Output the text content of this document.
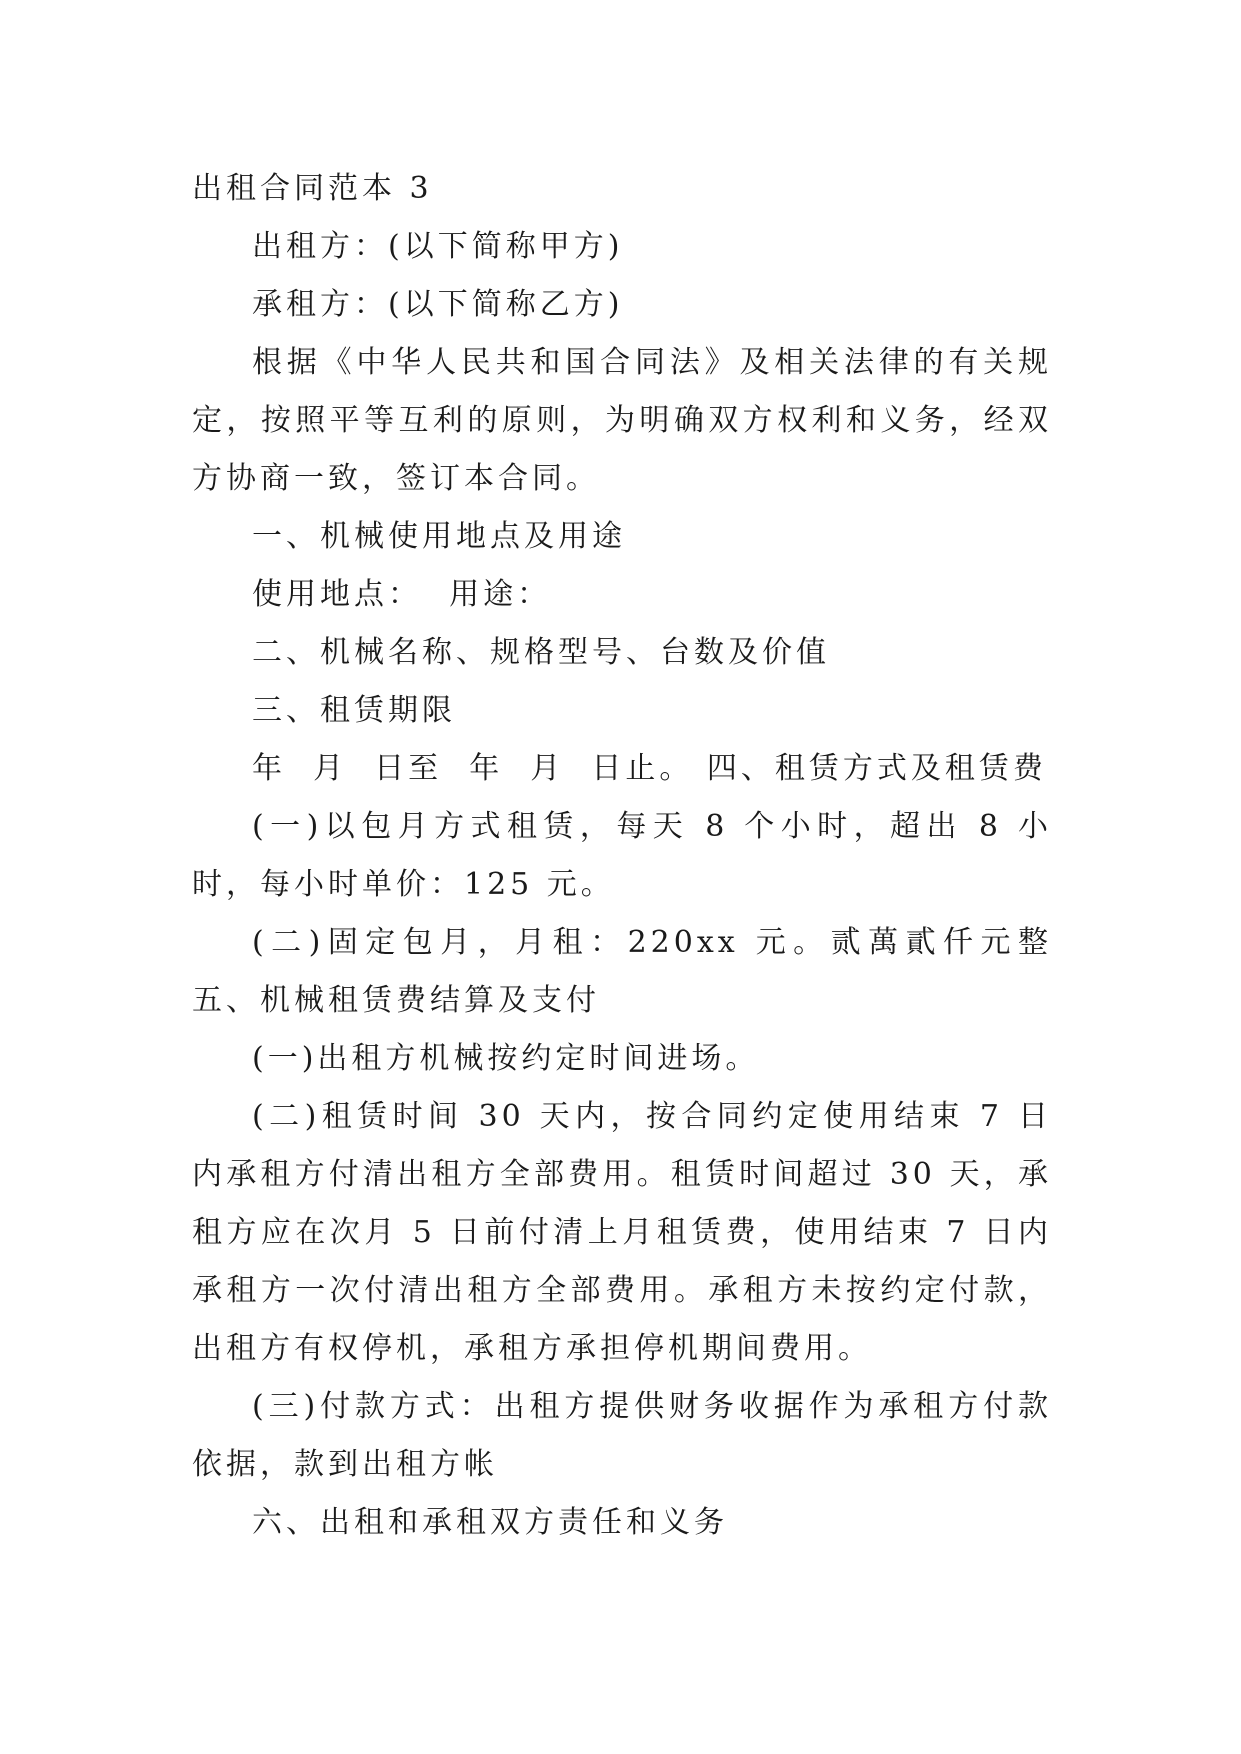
出租合同范本 3

出租方：(以下简称甲方)

承租方：(以下简称乙方)

根据《中华人民共和国合同法》及相关法律的有关规定，按照平等互利的原则，为明确双方权利和义务，经双方协商一致，签订本合同。

一、机械使用地点及用途

使用地点：  用途：

二、机械名称、规格型号、台数及价值

三、租赁期限

年  月  日至  年  月  日止。 四、租赁方式及租赁费

(一)以包月方式租赁，每天 8 个小时，超出 8 小时，每小时单价：125 元。

(二)固定包月，月租：220xx 元。贰萬貳仟元整  五、机械租赁费结算及支付

(一)出租方机械按约定时间进场。

(二)租赁时间 30 天内，按合同约定使用结束 7 日内承租方付清出租方全部费用。租赁时间超过 30 天，承租方应在次月 5 日前付清上月租赁费，使用结束 7 日内承租方一次付清出租方全部费用。承租方未按约定付款，出租方有权停机，承租方承担停机期间费用。

(三)付款方式：出租方提供财务收据作为承租方付款依据，款到出租方帐

六、出租和承租双方责任和义务
